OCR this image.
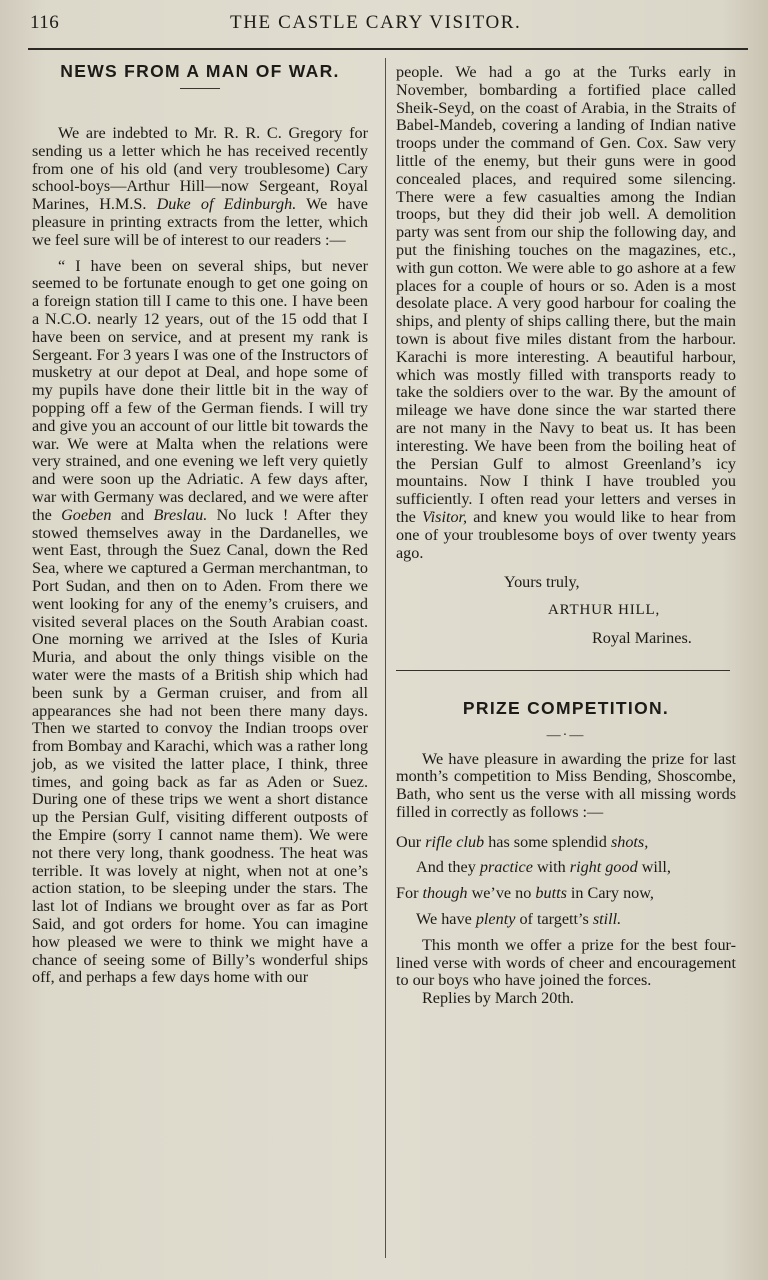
116	THE CASTLE CARY VISITOR.
NEWS FROM A MAN OF WAR.

We are indebted to Mr. R. R. C. Gregory for sending us a letter which he has received recently from one of his old (and very troublesome) Cary school-boys—Arthur Hill—now Sergeant, Royal Marines, H.M.S. Duke of Edinburgh. We have pleasure in printing extracts from the letter, which we feel sure will be of interest to our readers :—

“ I have been on several ships, but never seemed to be fortunate enough to get one going on a foreign station till I came to this one. I have been a N.C.O. nearly 12 years, out of the 15 odd that I have been on service, and at present my rank is Sergeant. For 3 years I was one of the Instructors of musketry at our depot at Deal, and hope some of my pupils have done their little bit in the way of popping off a few of the German fiends. I will try and give you an account of our little bit towards the war. We were at Malta when the relations were very strained, and one evening we left very quietly and were soon up the Adriatic. A few days after, war with Germany was declared, and we were after the Goeben and Breslau. No luck ! After they stowed themselves away in the Dardanelles, we went East, through the Suez Canal, down the Red Sea, where we captured a German merchantman, to Port Sudan, and then on to Aden. From there we went looking for any of the enemy’s cruisers, and visited several places on the South Arabian coast. One morning we arrived at the Isles of Kuria Muria, and about the only things visible on the water were the masts of a British ship which had been sunk by a German cruiser, and from all appearances she had not been there many days. Then we started to convoy the Indian troops over from Bombay and Karachi, which was a rather long job, as we visited the latter place, I think, three times, and going back as far as Aden or Suez. During one of these trips we went a short distance up the Persian Gulf, visiting different outposts of the Empire (sorry I cannot name them). We were not there very long, thank goodness. The heat was terrible. It was lovely at night, when not at one’s action station, to be sleeping under the stars. The last lot of Indians we brought over as far as Port Said, and got orders for home. You can imagine how pleased we were to think we might have a chance of seeing some of Billy’s wonderful ships off, and perhaps a few days home with our

people. We had a go at the Turks early in November, bombarding a fortified place called Sheik-Seyd, on the coast of Arabia, in the Straits of Babel-Mandeb, covering a landing of Indian native troops under the command of Gen. Cox. Saw very little of the enemy, but their guns were in good concealed places, and required some silencing. There were a few casualties among the Indian troops, but they did their job well. A demolition party was sent from our ship the following day, and put the finishing touches on the magazines, etc., with gun cotton. We were able to go ashore at a few places for a couple of hours or so. Aden is a most desolate place. A very good harbour for coaling the ships, and plenty of ships calling there, but the main town is about five miles distant from the harbour. Karachi is more interesting. A beautiful harbour, which was mostly filled with transports ready to take the soldiers over to the war. By the amount of mileage we have done since the war started there are not many in the Navy to beat us. It has been interesting. We have been from the boiling heat of the Persian Gulf to almost Greenland’s icy mountains. Now I think I have troubled you sufficiently. I often read your letters and verses in the Visitor, and knew you would like to hear from one of your troublesome boys of over twenty years ago.

Yours truly,

ARTHUR HILL,

Royal Marines.

PRIZE COMPETITION.
—·—

We have pleasure in awarding the prize for last month’s competition to Miss Bending, Shoscombe, Bath, who sent us the verse with all missing words filled in correctly as follows :—

Our rifle club has some splendid shots,
And they practice with right good will,
For though we’ve no butts in Cary now,
We have plenty of targett’s still.

This month we offer a prize for the best four-lined verse with words of cheer and encouragement to our boys who have joined the forces.

Replies by March 20th.
